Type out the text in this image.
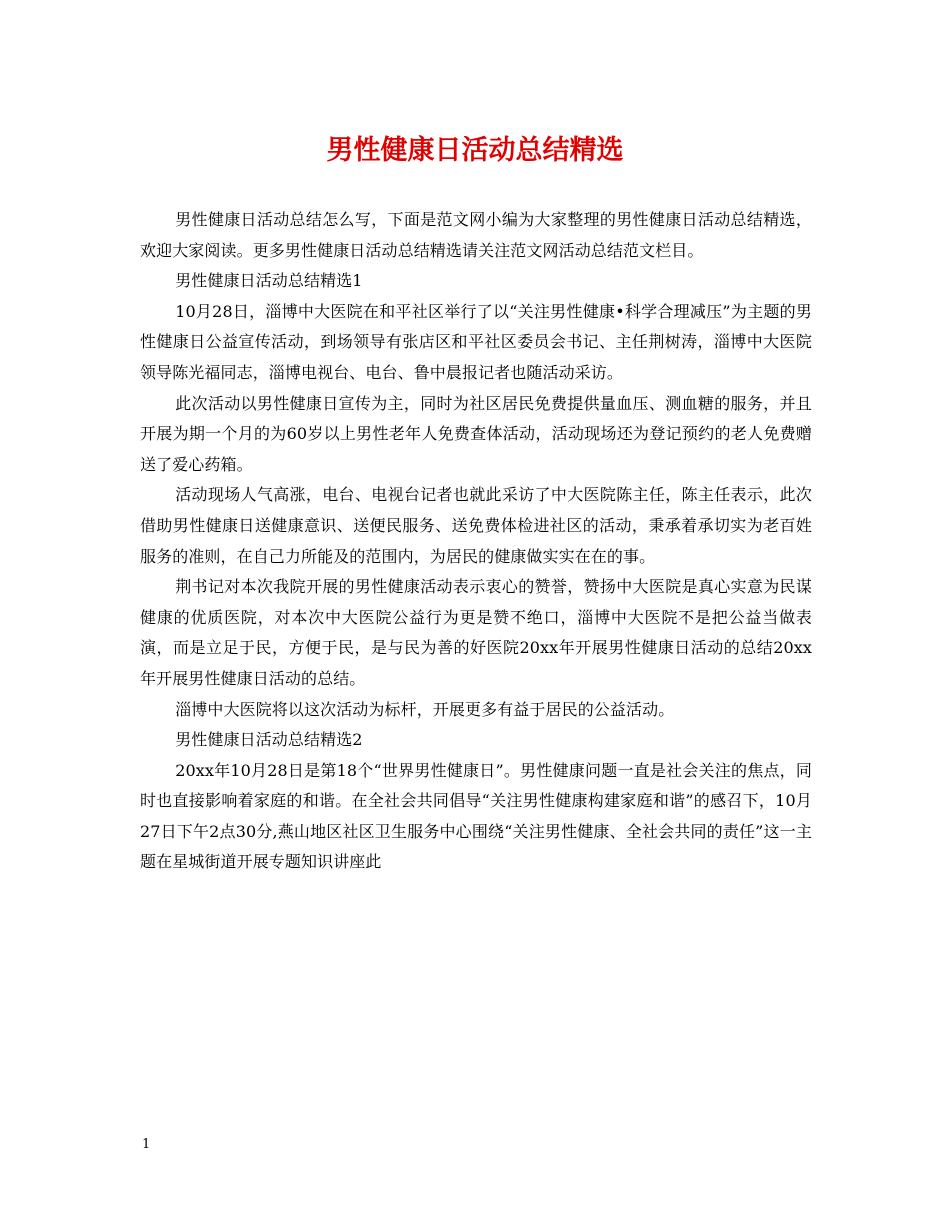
男性健康日活动总结精选

男性健康日活动总结怎么写，下面是范文网小编为大家整理的男性健康日活动总结精选，欢迎大家阅读。更多男性健康日活动总结精选请关注范文网活动总结范文栏目。

男性健康日活动总结精选1

10月28日，淄博中大医院在和平社区举行了以“关注男性健康•科学合理减压”为主题的男性健康日公益宣传活动，到场领导有张店区和平社区委员会书记、主任荆树涛，淄博中大医院领导陈光福同志，淄博电视台、电台、鲁中晨报记者也随活动采访。

此次活动以男性健康日宣传为主，同时为社区居民免费提供量血压、测血糖的服务，并且开展为期一个月的为60岁以上男性老年人免费查体活动，活动现场还为登记预约的老人免费赠送了爱心药箱。

活动现场人气高涨，电台、电视台记者也就此采访了中大医院陈主任，陈主任表示，此次借助男性健康日送健康意识、送便民服务、送免费体检进社区的活动，秉承着承切实为老百姓服务的准则，在自己力所能及的范围内，为居民的健康做实实在在的事。

荆书记对本次我院开展的男性健康活动表示衷心的赞誉，赞扬中大医院是真心实意为民谋健康的优质医院，对本次中大医院公益行为更是赞不绝口，淄博中大医院不是把公益当做表演，而是立足于民，方便于民，是与民为善的好医院20xx年开展男性健康日活动的总结20xx年开展男性健康日活动的总结。

淄博中大医院将以这次活动为标杆，开展更多有益于居民的公益活动。

男性健康日活动总结精选2

20xx年10月28日是第18个“世界男性健康日”。男性健康问题一直是社会关注的焦点，同时也直接影响着家庭的和谐。在全社会共同倡导“关注男性健康构建家庭和谐”的感召下，10月27日下午2点30分,燕山地区社区卫生服务中心围绕“关注男性健康、全社会共同的责任”这一主题在星城街道开展专题知识讲座此

1
